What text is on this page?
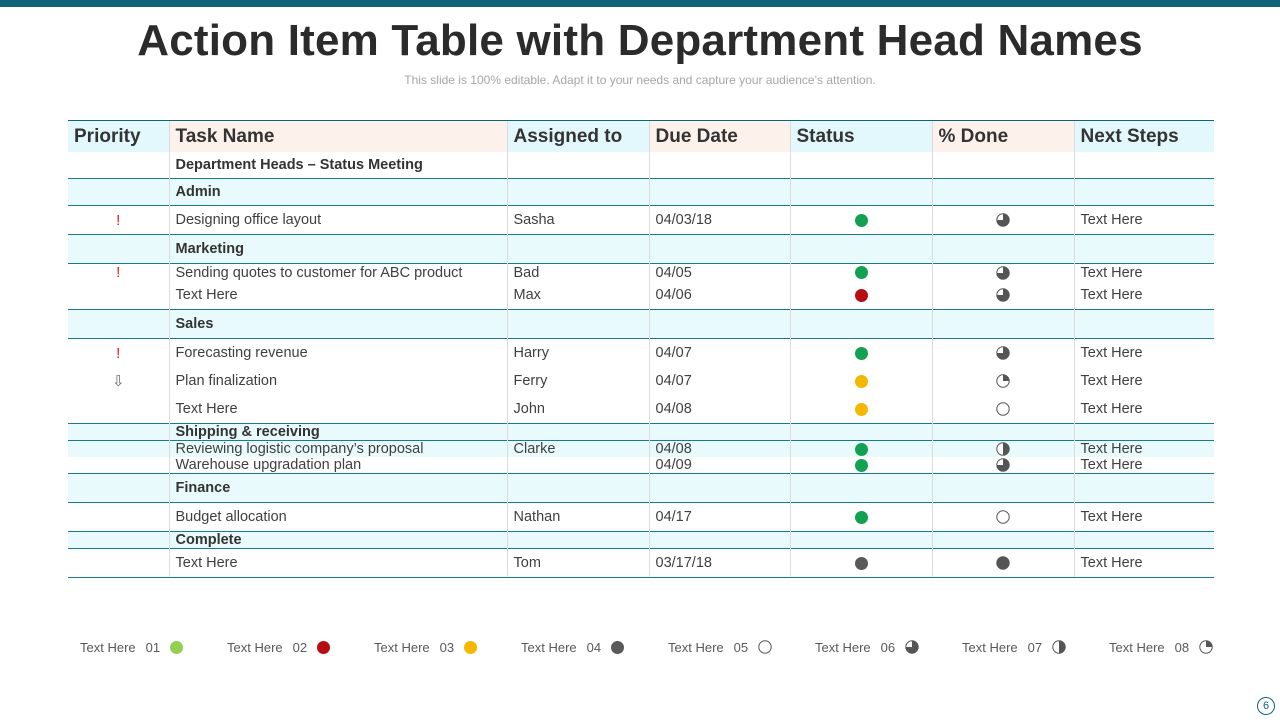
Action Item Table with Department Head Names
This slide is 100% editable. Adapt it to your needs and capture your audience’s attention.
Priority	Task Name	Assigned to	Due Date	Status	% Done	Next Steps
	Department Heads – Status Meeting					
	Admin					
!	Designing office layout	Sasha	04/03/18			Text Here
	Marketing					
!	Sending quotes to customer for ABC product	Bad	04/05			Text Here
	Text Here	Max	04/06			Text Here
	Sales					
!	Forecasting revenue	Harry	04/07			Text Here
⇩	Plan finalization	Ferry	04/07			Text Here
	Text Here	John	04/08			Text Here
	Shipping & receiving					
	Reviewing logistic company’s proposal	Clarke	04/08			Text Here
	Warehouse upgradation plan		04/09			Text Here
	Finance					
	Budget allocation	Nathan	04/17			Text Here
	Complete					
	Text Here	Tom	03/17/18			Text Here
Text Here 01	Text Here 02	Text Here 03	Text Here 04	Text Here 05	Text Here 06	Text Here 07	Text Here 08
6
